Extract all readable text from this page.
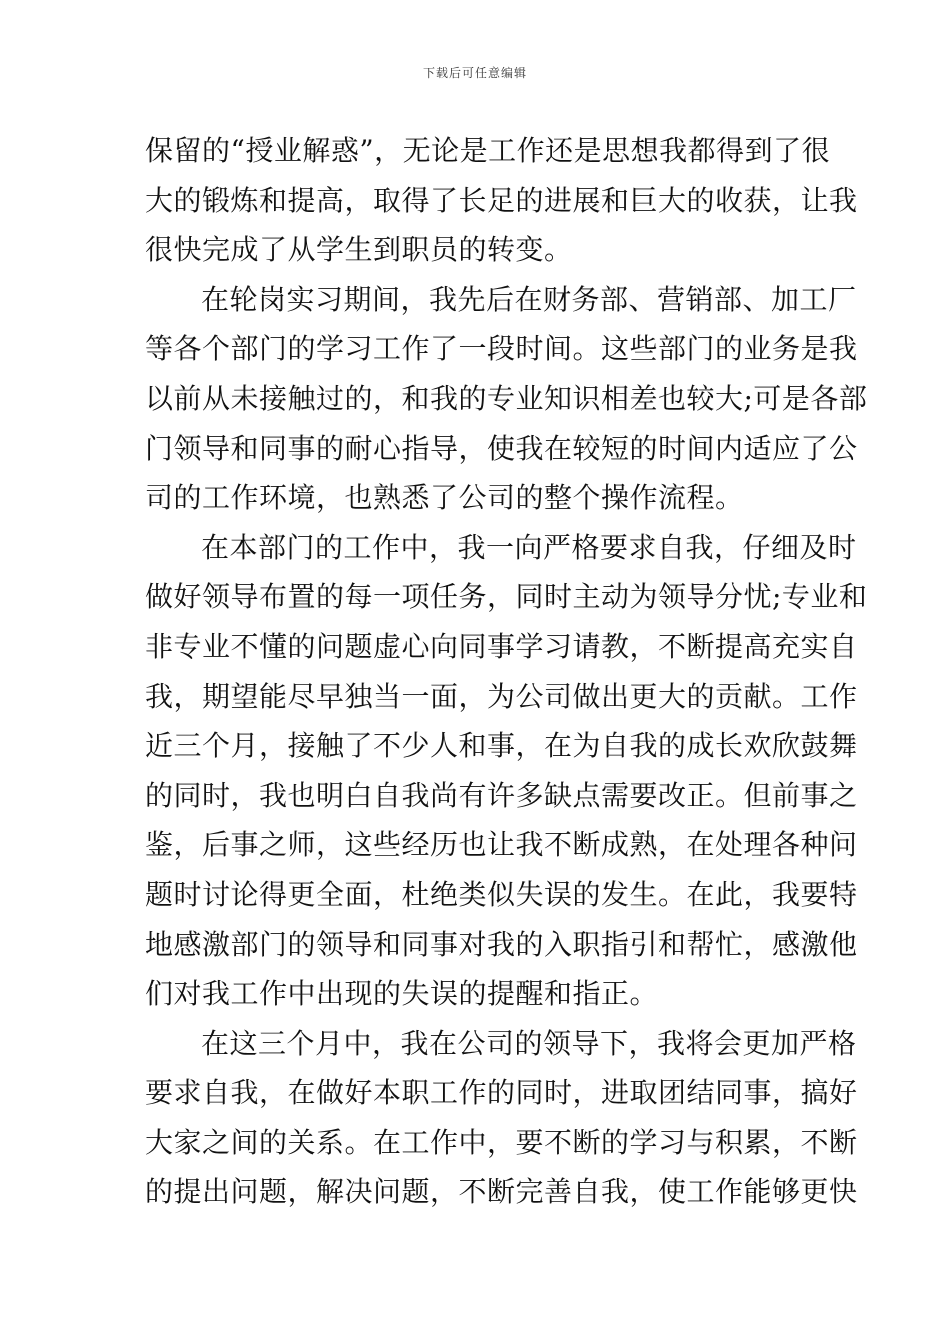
下载后可任意编辑
保留的“授业解惑”，无论是工作还是思想我都得到了很
大的锻炼和提高，取得了长足的进展和巨大的收获，让我
很快完成了从学生到职员的转变。
在轮岗实习期间，我先后在财务部、营销部、加工厂
等各个部门的学习工作了一段时间。这些部门的业务是我
以前从未接触过的，和我的专业知识相差也较大;可是各部
门领导和同事的耐心指导，使我在较短的时间内适应了公
司的工作环境，也熟悉了公司的整个操作流程。
在本部门的工作中，我一向严格要求自我，仔细及时
做好领导布置的每一项任务，同时主动为领导分忧;专业和
非专业不懂的问题虚心向同事学习请教，不断提高充实自
我，期望能尽早独当一面，为公司做出更大的贡献。工作
近三个月，接触了不少人和事，在为自我的成长欢欣鼓舞
的同时，我也明白自我尚有许多缺点需要改正。但前事之
鉴，后事之师，这些经历也让我不断成熟，在处理各种问
题时讨论得更全面，杜绝类似失误的发生。在此，我要特
地感激部门的领导和同事对我的入职指引和帮忙，感激他
们对我工作中出现的失误的提醒和指正。
在这三个月中，我在公司的领导下，我将会更加严格
要求自我，在做好本职工作的同时，进取团结同事，搞好
大家之间的关系。在工作中，要不断的学习与积累，不断
的提出问题，解决问题，不断完善自我，使工作能够更快
